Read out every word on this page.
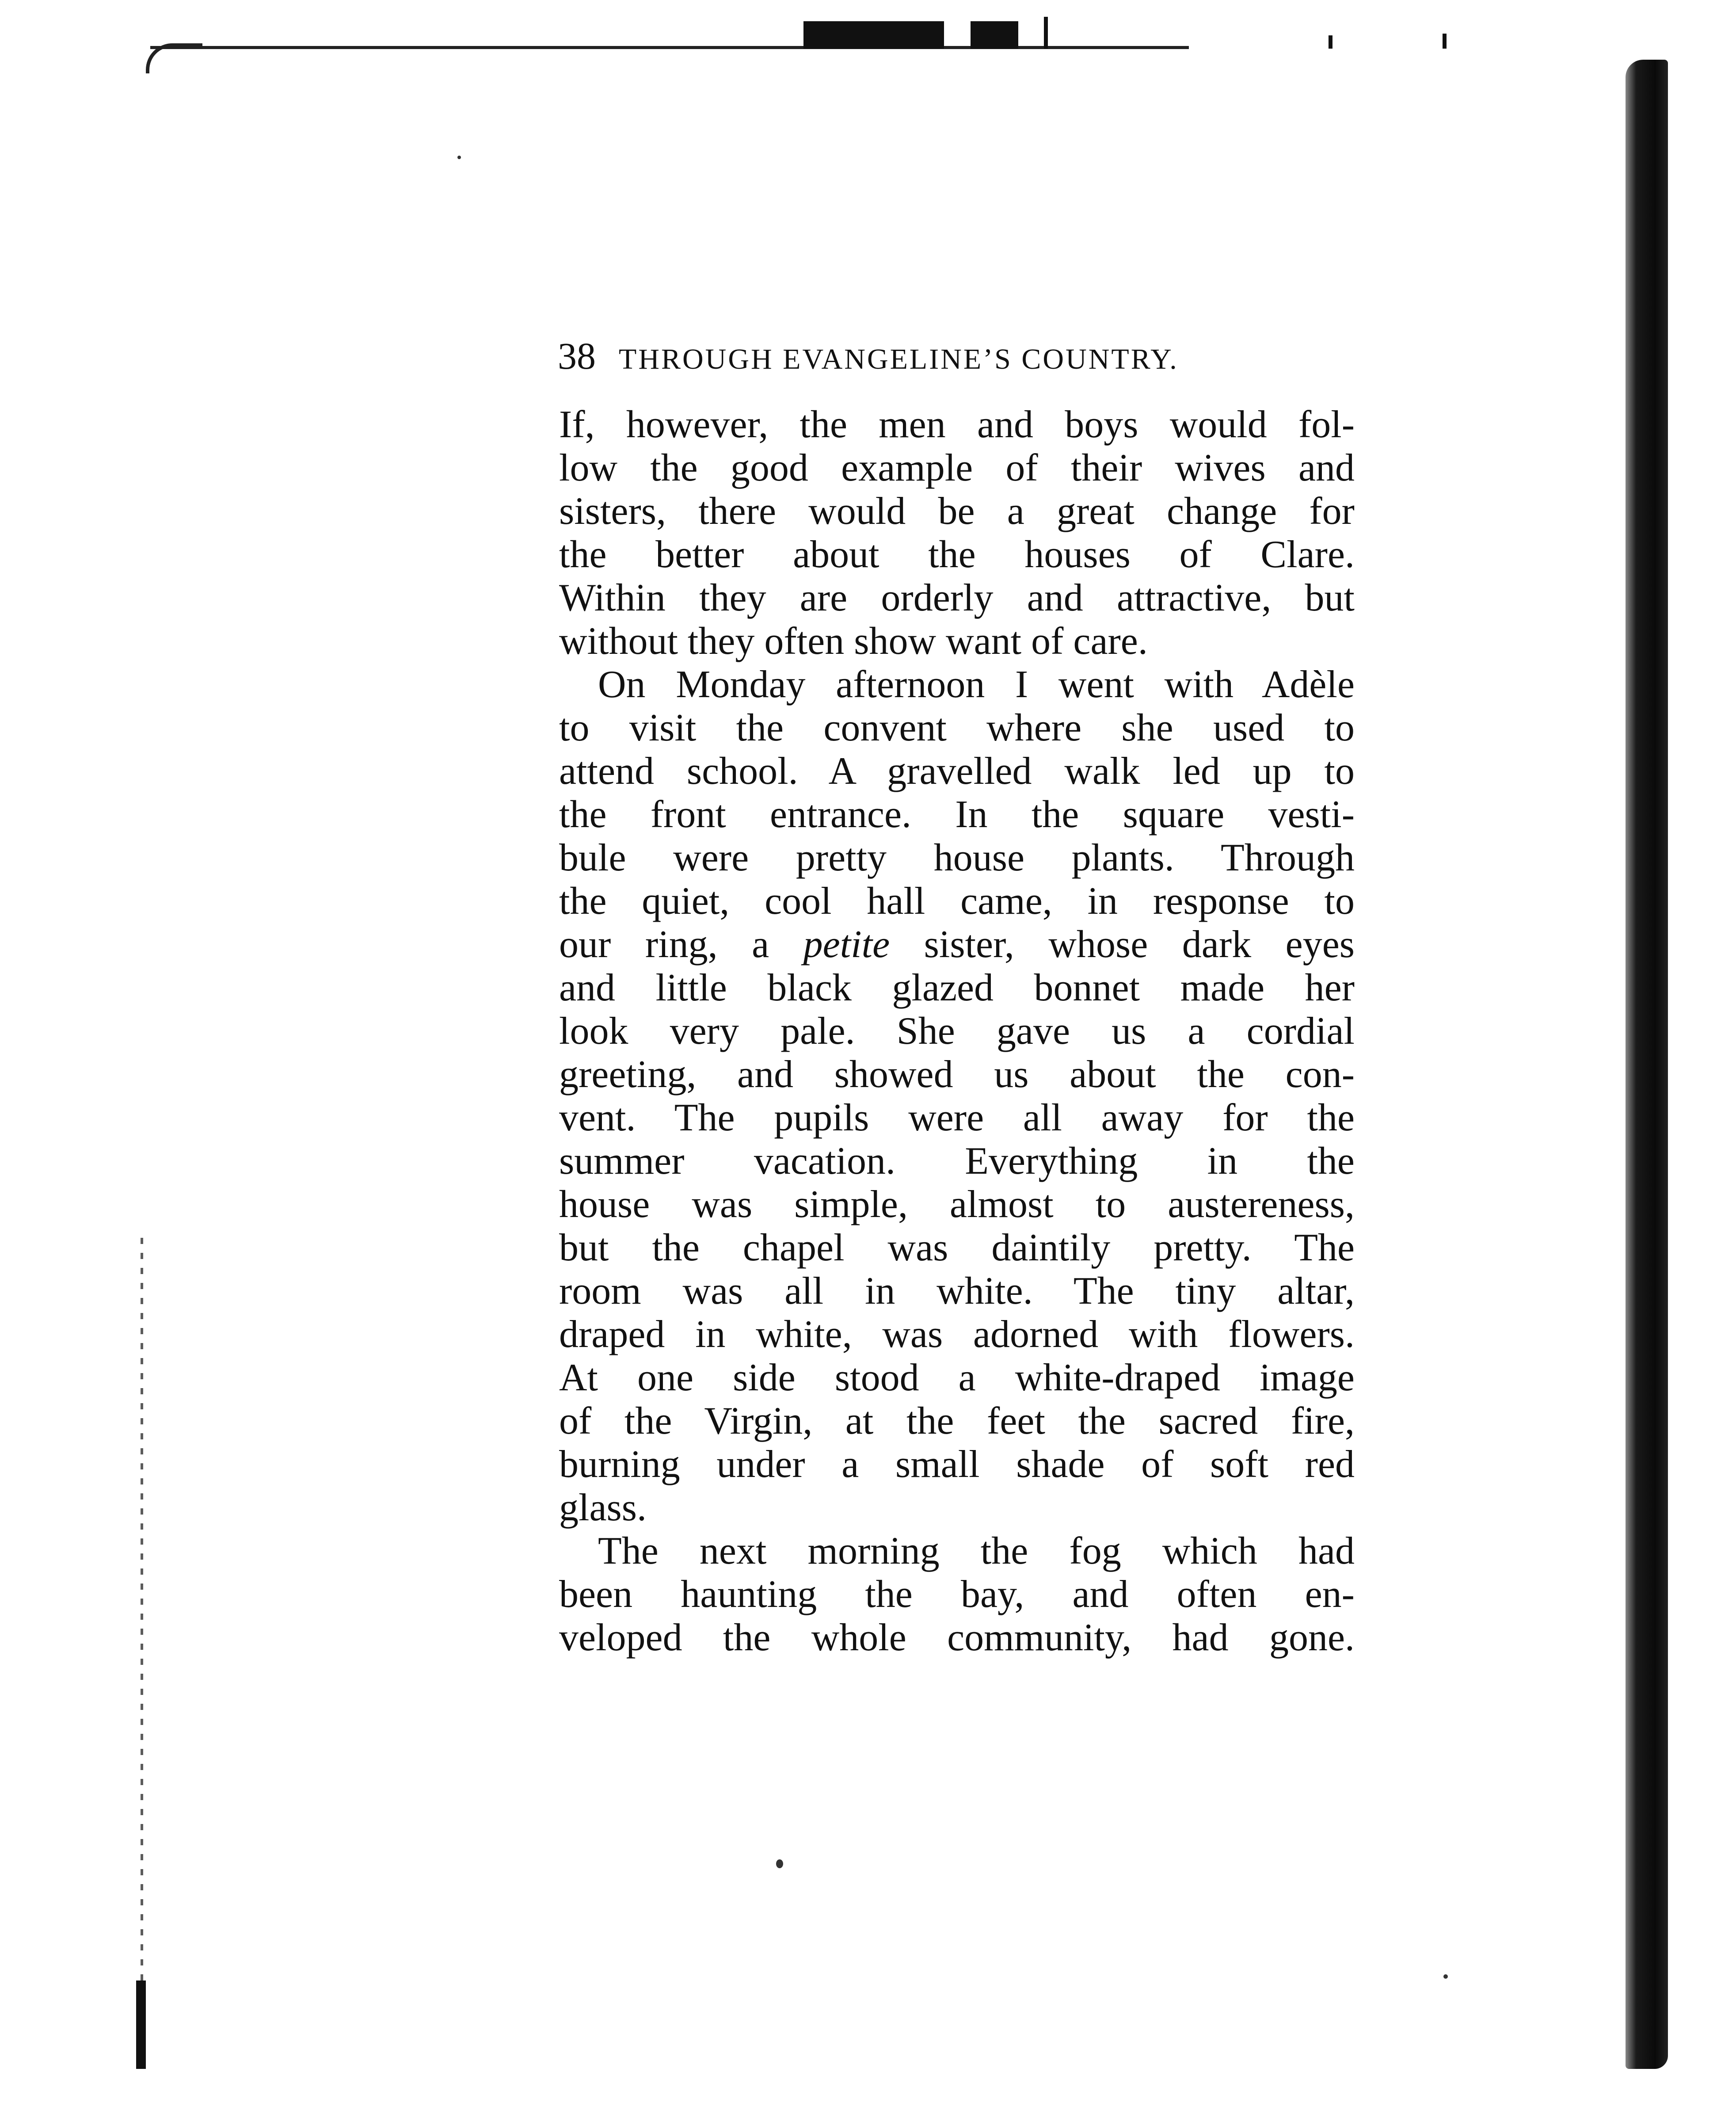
38 THROUGH EVANGELINE’S COUNTRY.
If, however, the men and boys would fol-
low the good example of their wives and
sisters, there would be a great change for
the better about the houses of Clare.
Within they are orderly and attractive, but
without they often show want of care.
On Monday afternoon I went with Adèle
to visit the convent where she used to
attend school. A gravelled walk led up to
the front entrance. In the square vesti-
bule were pretty house plants. Through
the quiet, cool hall came, in response to
our ring, a petite sister, whose dark eyes
and little black glazed bonnet made her
look very pale. She gave us a cordial
greeting, and showed us about the con-
vent. The pupils were all away for the
summer vacation. Everything in the
house was simple, almost to austereness,
but the chapel was daintily pretty. The
room was all in white. The tiny altar,
draped in white, was adorned with flowers.
At one side stood a white-draped image
of the Virgin, at the feet the sacred fire,
burning under a small shade of soft red
glass.
The next morning the fog which had
been haunting the bay, and often en-
veloped the whole community, had gone.
